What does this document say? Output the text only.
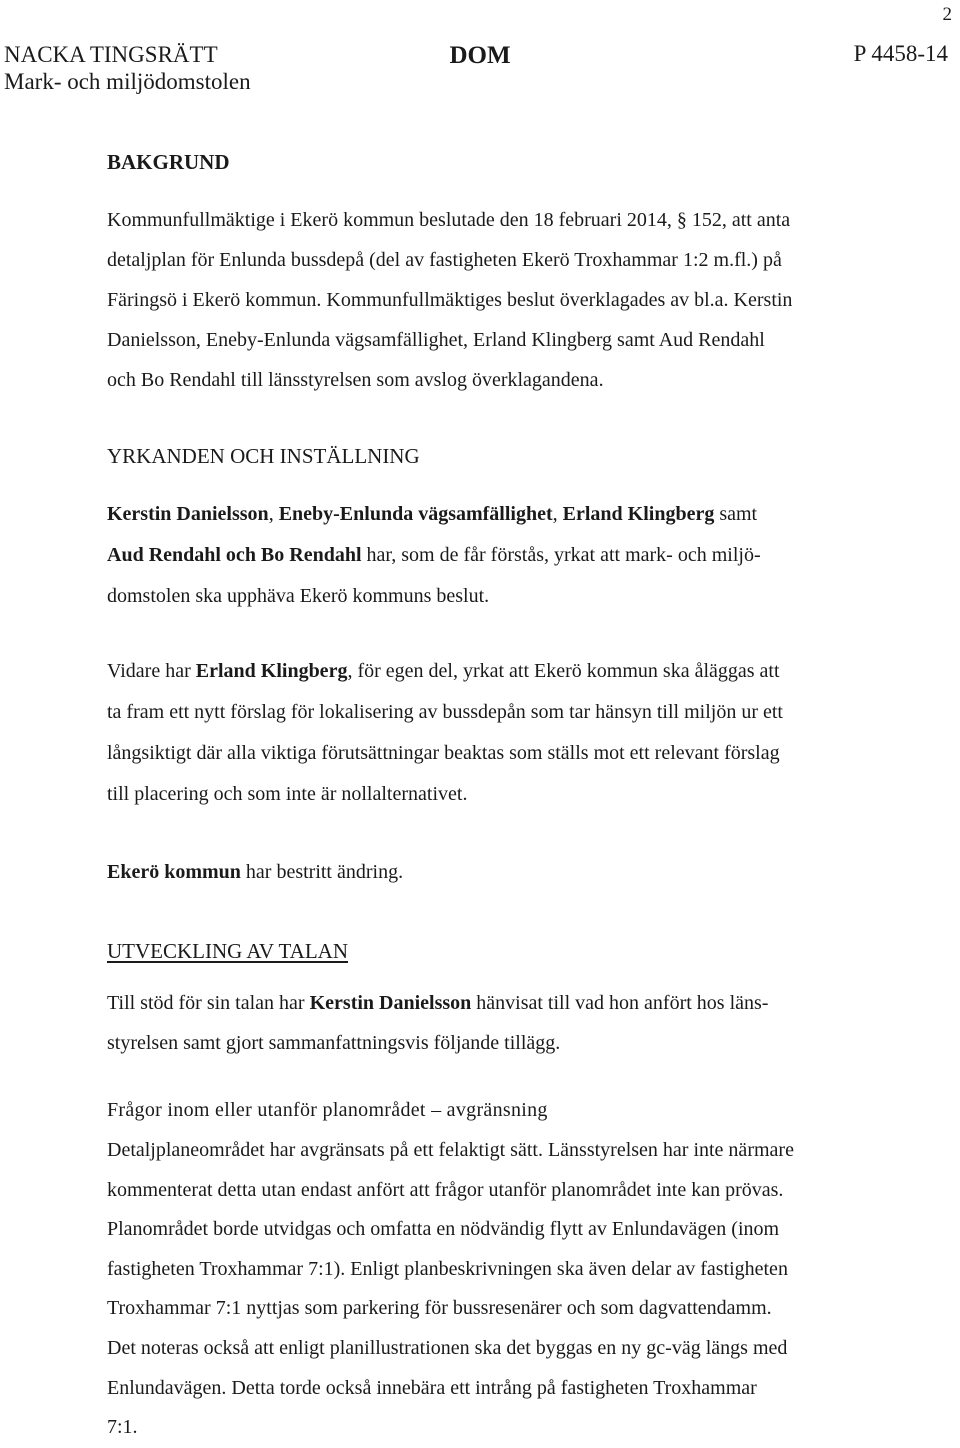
2
NACKA TINGSRÄTT
Mark- och miljödomstolen
DOM	P 4458-14
BAKGRUND
Kommunfullmäktige i Ekerö kommun beslutade den 18 februari 2014, § 152, att anta
detaljplan för Enlunda bussdepå (del av fastigheten Ekerö Troxhammar 1:2 m.fl.) på
Färingsö i Ekerö kommun. Kommunfullmäktiges beslut överklagades av bl.a. Kerstin
Danielsson, Eneby-Enlunda vägsamfällighet, Erland Klingberg samt Aud Rendahl
och Bo Rendahl till länsstyrelsen som avslog överklagandena.
YRKANDEN OCH INSTÄLLNING
Kerstin Danielsson, Eneby-Enlunda vägsamfällighet, Erland Klingberg samt
Aud Rendahl och Bo Rendahl har, som de får förstås, yrkat att mark- och miljö-
domstolen ska upphäva Ekerö kommuns beslut.
Vidare har Erland Klingberg, för egen del, yrkat att Ekerö kommun ska åläggas att
ta fram ett nytt förslag för lokalisering av bussdepån som tar hänsyn till miljön ur ett
långsiktigt där alla viktiga förutsättningar beaktas som ställs mot ett relevant förslag
till placering och som inte är nollalternativet.
Ekerö kommun har bestritt ändring.
UTVECKLING AV TALAN
Till stöd för sin talan har Kerstin Danielsson hänvisat till vad hon anfört hos läns-
styrelsen samt gjort sammanfattningsvis följande tillägg.
Frågor inom eller utanför planområdet – avgränsning
Detaljplaneområdet har avgränsats på ett felaktigt sätt. Länsstyrelsen har inte närmare
kommenterat detta utan endast anfört att frågor utanför planområdet inte kan prövas.
Planområdet borde utvidgas och omfatta en nödvändig flytt av Enlundavägen (inom
fastigheten Troxhammar 7:1). Enligt planbeskrivningen ska även delar av fastigheten
Troxhammar 7:1 nyttjas som parkering för bussresenärer och som dagvattendamm.
Det noteras också att enligt planillustrationen ska det byggas en ny gc-väg längs med
Enlundavägen. Detta torde också innebära ett intrång på fastigheten Troxhammar
7:1.
